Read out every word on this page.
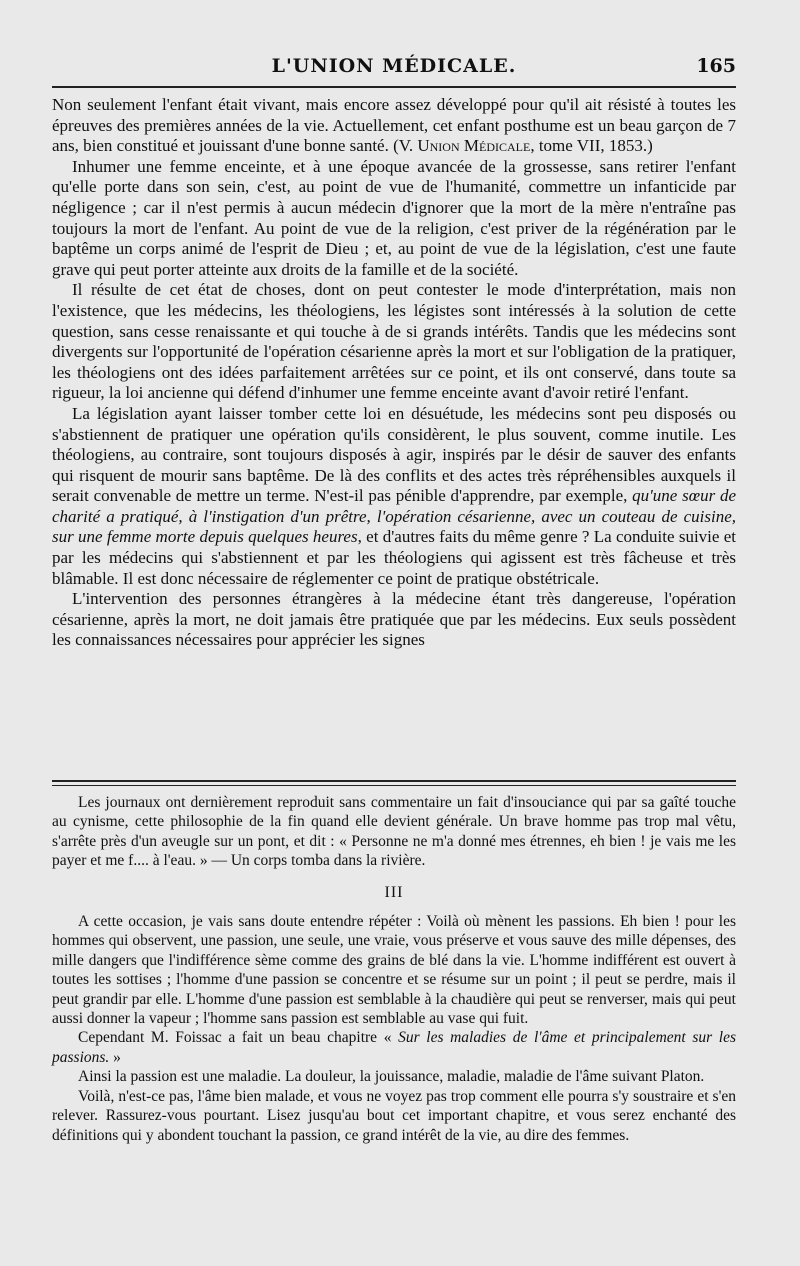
L'UNION MÉDICALE.	165

Non seulement l'enfant était vivant, mais encore assez développé pour qu'il ait résisté à toutes les épreuves des premières années de la vie. Actuellement, cet enfant posthume est un beau garçon de 7 ans, bien constitué et jouissant d'une bonne santé. (V. Union Médicale, tome VII, 1853.)

Inhumer une femme enceinte, et à une époque avancée de la grossesse, sans retirer l'enfant qu'elle porte dans son sein, c'est, au point de vue de l'humanité, commettre un infanticide par négligence ; car il n'est permis à aucun médecin d'ignorer que la mort de la mère n'entraîne pas toujours la mort de l'enfant. Au point de vue de la religion, c'est priver de la régénération par le baptême un corps animé de l'esprit de Dieu ; et, au point de vue de la législation, c'est une faute grave qui peut porter atteinte aux droits de la famille et de la société.

Il résulte de cet état de choses, dont on peut contester le mode d'interprétation, mais non l'existence, que les médecins, les théologiens, les légistes sont intéressés à la solution de cette question, sans cesse renaissante et qui touche à de si grands intérêts. Tandis que les médecins sont divergents sur l'opportunité de l'opération césarienne après la mort et sur l'obligation de la pratiquer, les théologiens ont des idées parfaitement arrêtées sur ce point, et ils ont conservé, dans toute sa rigueur, la loi ancienne qui défend d'inhumer une femme enceinte avant d'avoir retiré l'enfant.

La législation ayant laisser tomber cette loi en désuétude, les médecins sont peu disposés ou s'abstiennent de pratiquer une opération qu'ils considèrent, le plus souvent, comme inutile. Les théologiens, au contraire, sont toujours disposés à agir, inspirés par le désir de sauver des enfants qui risquent de mourir sans baptême. De là des conflits et des actes très répréhensibles auxquels il serait convenable de mettre un terme. N'est-il pas pénible d'apprendre, par exemple, qu'une sœur de charité a pratiqué, à l'instigation d'un prêtre, l'opération césarienne, avec un couteau de cuisine, sur une femme morte depuis quelques heures, et d'autres faits du même genre ? La conduite suivie et par les médecins qui s'abstiennent et par les théologiens qui agissent est très fâcheuse et très blâmable. Il est donc nécessaire de réglementer ce point de pratique obstétricale.

L'intervention des personnes étrangères à la médecine étant très dangereuse, l'opération césarienne, après la mort, ne doit jamais être pratiquée que par les médecins. Eux seuls possèdent les connaissances nécessaires pour apprécier les signes

Les journaux ont dernièrement reproduit sans commentaire un fait d'insouciance qui par sa gaîté touche au cynisme, cette philosophie de la fin quand elle devient générale. Un brave homme pas trop mal vêtu, s'arrête près d'un aveugle sur un pont, et dit : « Personne ne m'a donné mes étrennes, eh bien ! je vais me les payer et me f.... à l'eau. » — Un corps tomba dans la rivière.

III

A cette occasion, je vais sans doute entendre répéter : Voilà où mènent les passions. Eh bien ! pour les hommes qui observent, une passion, une seule, une vraie, vous préserve et vous sauve des mille dépenses, des mille dangers que l'indifférence sème comme des grains de blé dans la vie. L'homme indifférent est ouvert à toutes les sottises ; l'homme d'une passion se concentre et se résume sur un point ; il peut se perdre, mais il peut grandir par elle. L'homme d'une passion est semblable à la chaudière qui peut se renverser, mais qui peut aussi donner la vapeur ; l'homme sans passion est semblable au vase qui fuit.

Cependant M. Foissac a fait un beau chapitre « Sur les maladies de l'âme et principalement sur les passions. »

Ainsi la passion est une maladie. La douleur, la jouissance, maladie, maladie de l'âme suivant Platon.

Voilà, n'est-ce pas, l'âme bien malade, et vous ne voyez pas trop comment elle pourra s'y soustraire et s'en relever. Rassurez-vous pourtant. Lisez jusqu'au bout cet important chapitre, et vous serez enchanté des définitions qui y abondent touchant la passion, ce grand intérêt de la vie, au dire des femmes.
